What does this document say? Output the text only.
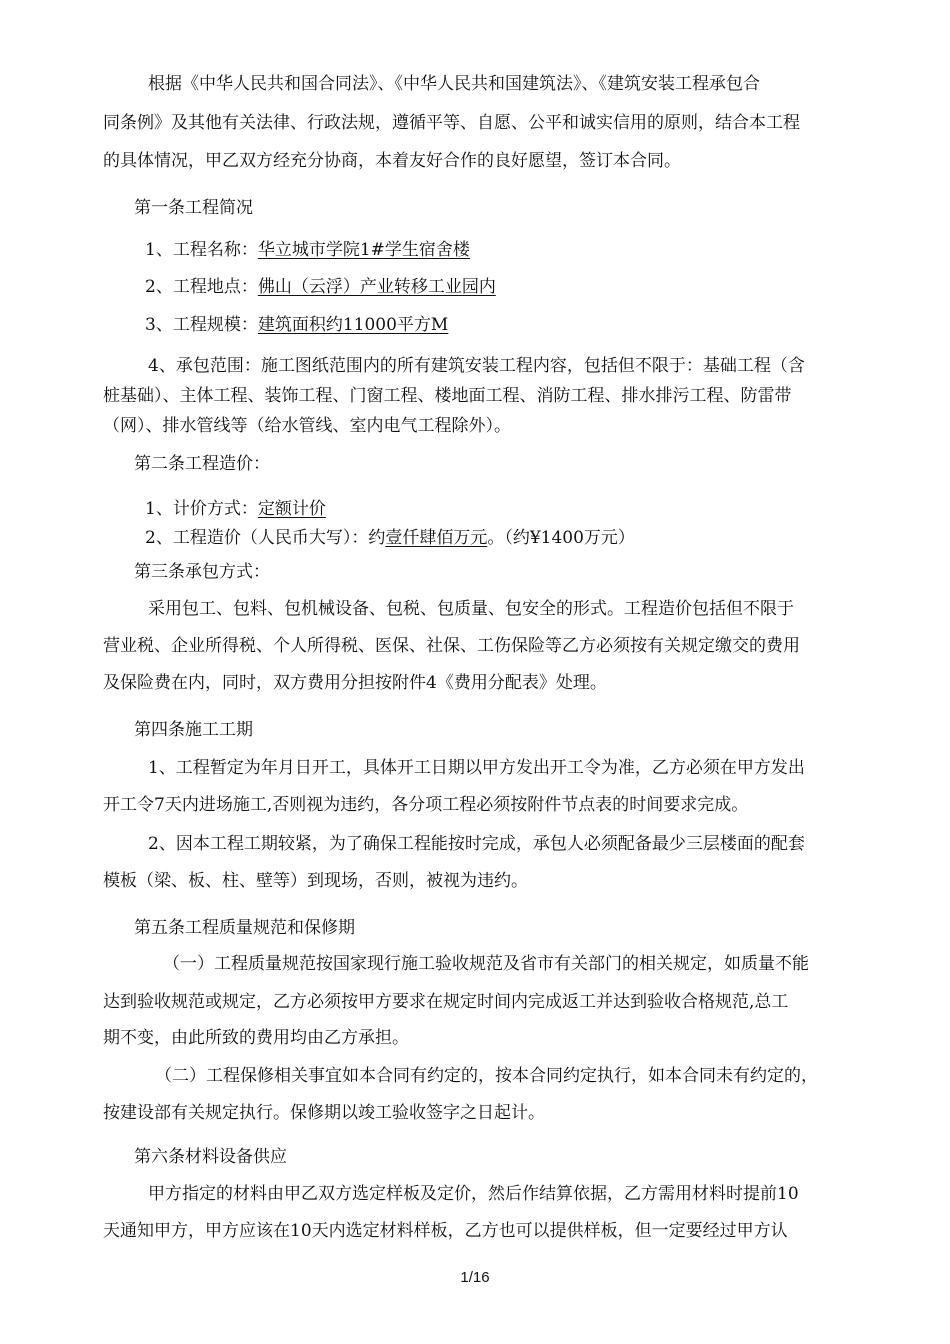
根据《中华人民共和国合同法》、《中华人民共和国建筑法》、《建筑安装工程承包合
同条例》及其他有关法律、行政法规，遵循平等、自愿、公平和诚实信用的原则，结合本工程
的具体情况，甲乙双方经充分协商，本着友好合作的良好愿望，签订本合同。
第一条工程简况
1、工程名称：华立城市学院1#学生宿舍楼
2、工程地点：佛山（云浮）产业转移工业园内
3、工程规模：建筑面积约11000平方M
4、承包范围：施工图纸范围内的所有建筑安装工程内容，包括但不限于：基础工程（含
桩基础）、主体工程、装饰工程、门窗工程、楼地面工程、消防工程、排水排污工程、防雷带
（网）、排水管线等（给水管线、室内电气工程除外）。
第二条工程造价：
1、计价方式：定额计价
2、工程造价（人民币大写）：约壹仟肆佰万元。（约¥1400万元）
第三条承包方式：
采用包工、包料、包机械设备、包税、包质量、包安全的形式。工程造价包括但不限于
营业税、企业所得税、个人所得税、医保、社保、工伤保险等乙方必须按有关规定缴交的费用
及保险费在内，同时，双方费用分担按附件4《费用分配表》处理。
第四条施工工期
1、工程暂定为年月日开工，具体开工日期以甲方发出开工令为准，乙方必须在甲方发出
开工令7天内进场施工,否则视为违约，各分项工程必须按附件节点表的时间要求完成。
2、因本工程工期较紧，为了确保工程能按时完成，承包人必须配备最少三层楼面的配套
模板（梁、板、柱、壁等）到现场，否则，被视为违约。
第五条工程质量规范和保修期
（一）工程质量规范按国家现行施工验收规范及省市有关部门的相关规定，如质量不能
达到验收规范或规定，乙方必须按甲方要求在规定时间内完成返工并达到验收合格规范,总工
期不变，由此所致的费用均由乙方承担。
（二）工程保修相关事宜如本合同有约定的，按本合同约定执行，如本合同未有约定的，
按建设部有关规定执行。保修期以竣工验收签字之日起计。
第六条材料设备供应
甲方指定的材料由甲乙双方选定样板及定价，然后作结算依据，乙方需用材料时提前10
天通知甲方，甲方应该在10天内选定材料样板，乙方也可以提供样板，但一定要经过甲方认
1/16
